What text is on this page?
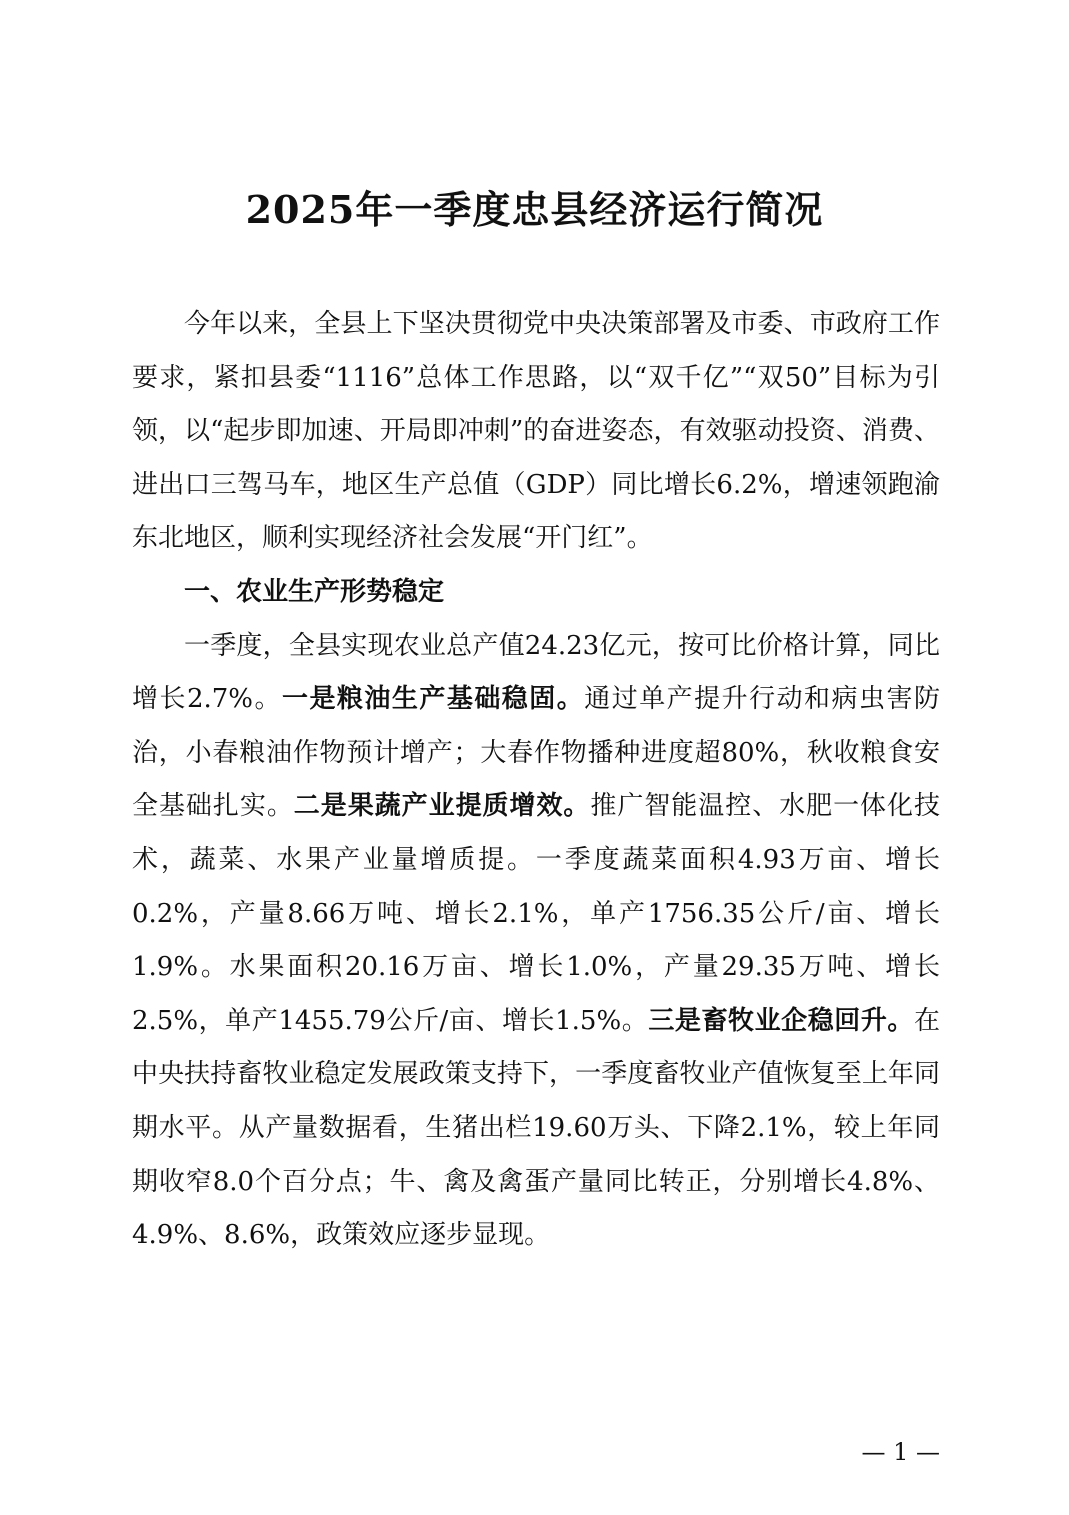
2025年一季度忠县经济运行简况

今年以来，全县上下坚决贯彻党中央决策部署及市委、市政府工作要求，紧扣县委“1116”总体工作思路，以“双千亿”“双50”目标为引领，以“起步即加速、开局即冲刺”的奋进姿态，有效驱动投资、消费、进出口三驾马车，地区生产总值（GDP）同比增长6.2%，增速领跑渝东北地区，顺利实现经济社会发展“开门红”。

一、农业生产形势稳定

一季度，全县实现农业总产值24.23亿元，按可比价格计算，同比增长2.7%。一是粮油生产基础稳固。通过单产提升行动和病虫害防治，小春粮油作物预计增产；大春作物播种进度超80%，秋收粮食安全基础扎实。二是果蔬产业提质增效。推广智能温控、水肥一体化技术，蔬菜、水果产业量增质提。一季度蔬菜面积4.93万亩、增长0.2%，产量8.66万吨、增长2.1%，单产1756.35公斤/亩、增长1.9%。水果面积20.16万亩、增长1.0%，产量29.35万吨、增长2.5%，单产1455.79公斤/亩、增长1.5%。三是畜牧业企稳回升。在中央扶持畜牧业稳定发展政策支持下，一季度畜牧业产值恢复至上年同期水平。从产量数据看，生猪出栏19.60万头、下降2.1%，较上年同期收窄8.0个百分点；牛、禽及禽蛋产量同比转正，分别增长4.8%、4.9%、8.6%，政策效应逐步显现。

— 1 —
